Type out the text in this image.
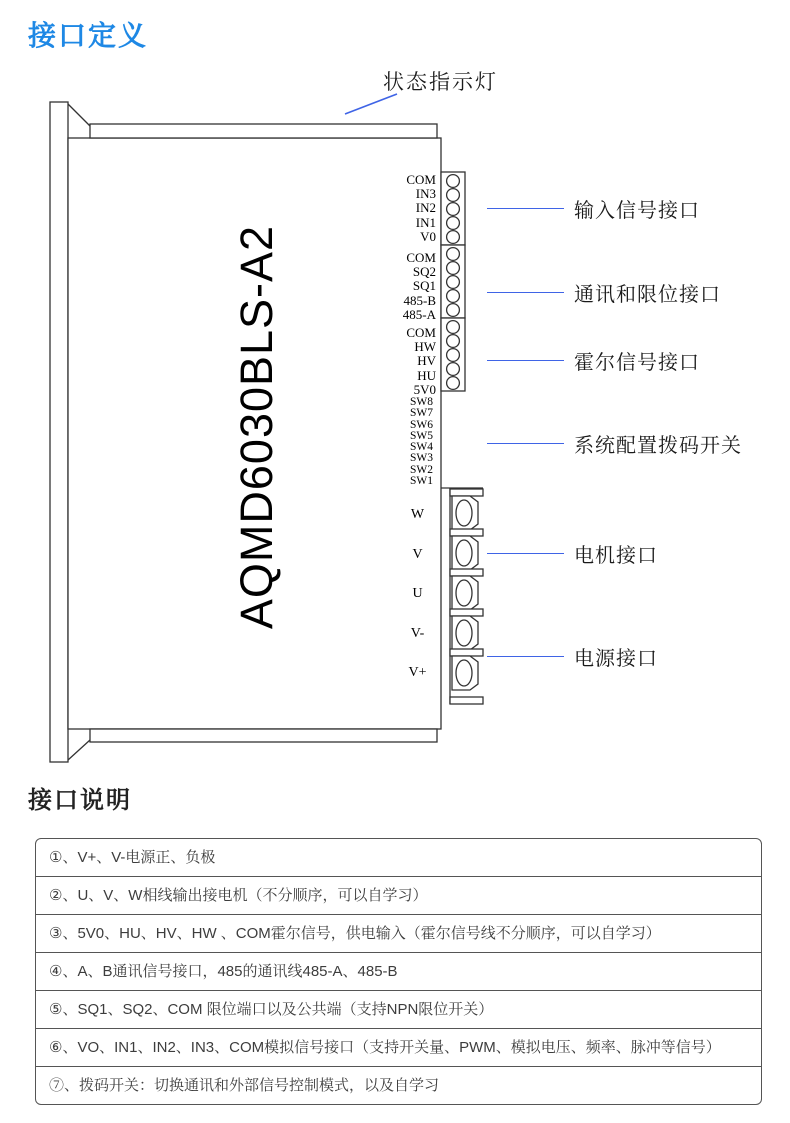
接口定义
状态指示灯
AQMD6030BLS-A2
COM
IN3
IN2
IN1
V0
COM
SQ2
SQ1
485-B
485-A
COM
HW
HV
HU
5V0
SW8
SW7
SW6
SW5
SW4
SW3
SW2
SW1
W
V
U
V-
V+
输入信号接口
通讯和限位接口
霍尔信号接口
系统配置拨码开关
电机接口
电源接口
接口说明
①、V+、V-电源正、负极
②、U、V、W相线输出接电机（不分顺序，可以自学习）
③、5V0、HU、HV、HW 、COM霍尔信号，供电输入（霍尔信号线不分顺序，可以自学习）
④、A、B通讯信号接口，485的通讯线485-A、485-B
⑤、SQ1、SQ2、COM 限位端口以及公共端（支持NPN限位开关）
⑥、VO、IN1、IN2、IN3、COM模拟信号接口（支持开关量、PWM、模拟电压、频率、脉冲等信号）
⑦、拨码开关：切换通讯和外部信号控制模式，以及自学习
